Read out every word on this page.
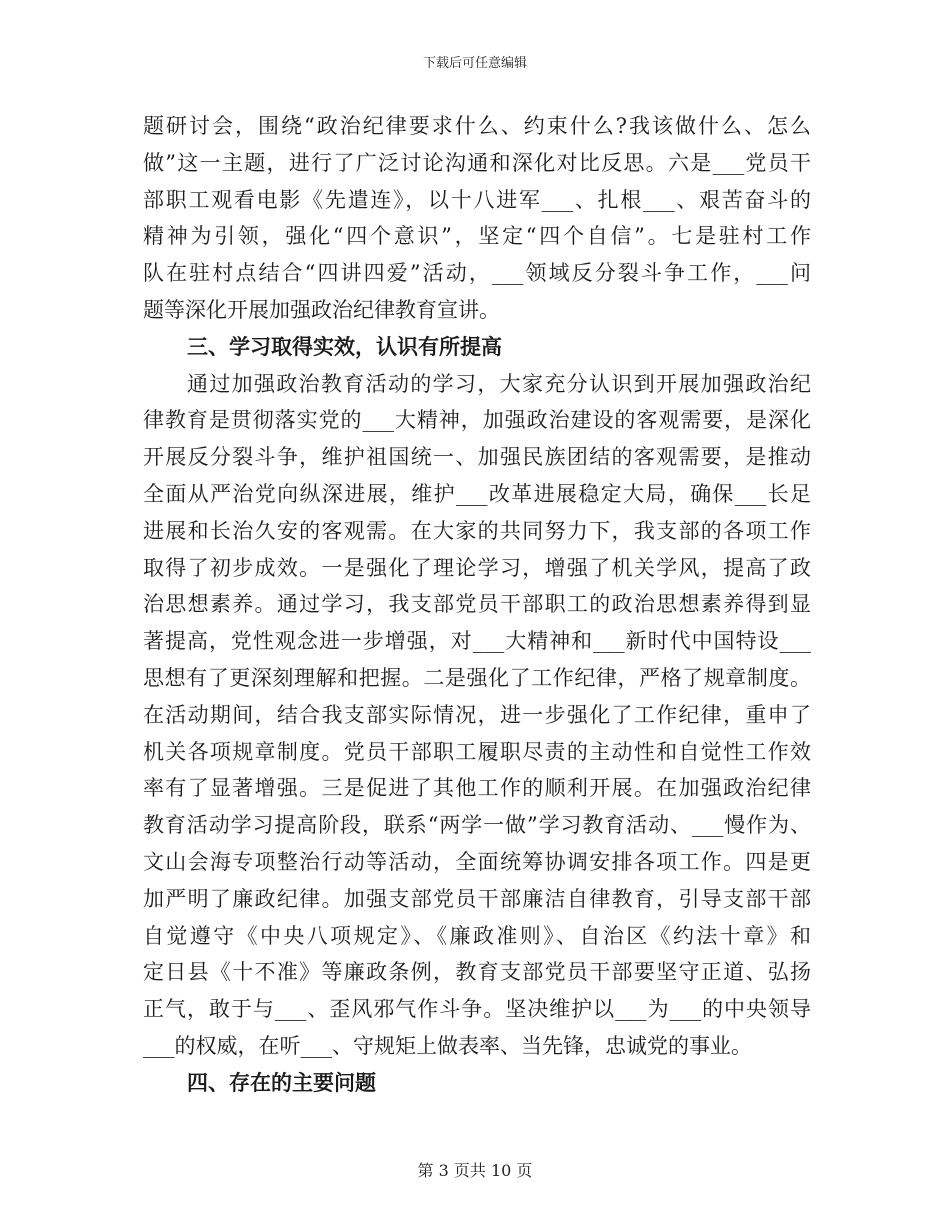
下载后可任意编辑
题研讨会，围绕“政治纪律要求什么、约束什么?我该做什么、怎么
做”这一主题，进行了广泛讨论沟通和深化对比反思。六是___党员干
部职工观看电影《先遣连》，以十八进军___、扎根___、艰苦奋斗的
精神为引领，强化“四个意识”，坚定“四个自信”。七是驻村工作
队在驻村点结合“四讲四爱”活动，___领域反分裂斗争工作，___问
题等深化开展加强政治纪律教育宣讲。
三、学习取得实效，认识有所提高
通过加强政治教育活动的学习，大家充分认识到开展加强政治纪
律教育是贯彻落实党的___大精神，加强政治建设的客观需要，是深化
开展反分裂斗争，维护祖国统一、加强民族团结的客观需要，是推动
全面从严治党向纵深进展，维护___改革进展稳定大局，确保___长足
进展和长治久安的客观需。在大家的共同努力下，我支部的各项工作
取得了初步成效。一是强化了理论学习，增强了机关学风，提高了政
治思想素养。通过学习，我支部党员干部职工的政治思想素养得到显
著提高，党性观念进一步增强，对___大精神和___新时代中国特设___
思想有了更深刻理解和把握。二是强化了工作纪律，严格了规章制度。
在活动期间，结合我支部实际情况，进一步强化了工作纪律，重申了
机关各项规章制度。党员干部职工履职尽责的主动性和自觉性工作效
率有了显著增强。三是促进了其他工作的顺利开展。在加强政治纪律
教育活动学习提高阶段，联系“两学一做”学习教育活动、___慢作为、
文山会海专项整治行动等活动，全面统筹协调安排各项工作。四是更
加严明了廉政纪律。加强支部党员干部廉洁自律教育，引导支部干部
自觉遵守《中央八项规定》、《廉政准则》、自治区《约法十章》和
定日县《十不准》等廉政条例，教育支部党员干部要坚守正道、弘扬
正气，敢于与___、歪风邪气作斗争。坚决维护以___为___的中央领导
___的权威，在听___、守规矩上做表率、当先锋，忠诚党的事业。
四、存在的主要问题
第 3 页共 10 页
